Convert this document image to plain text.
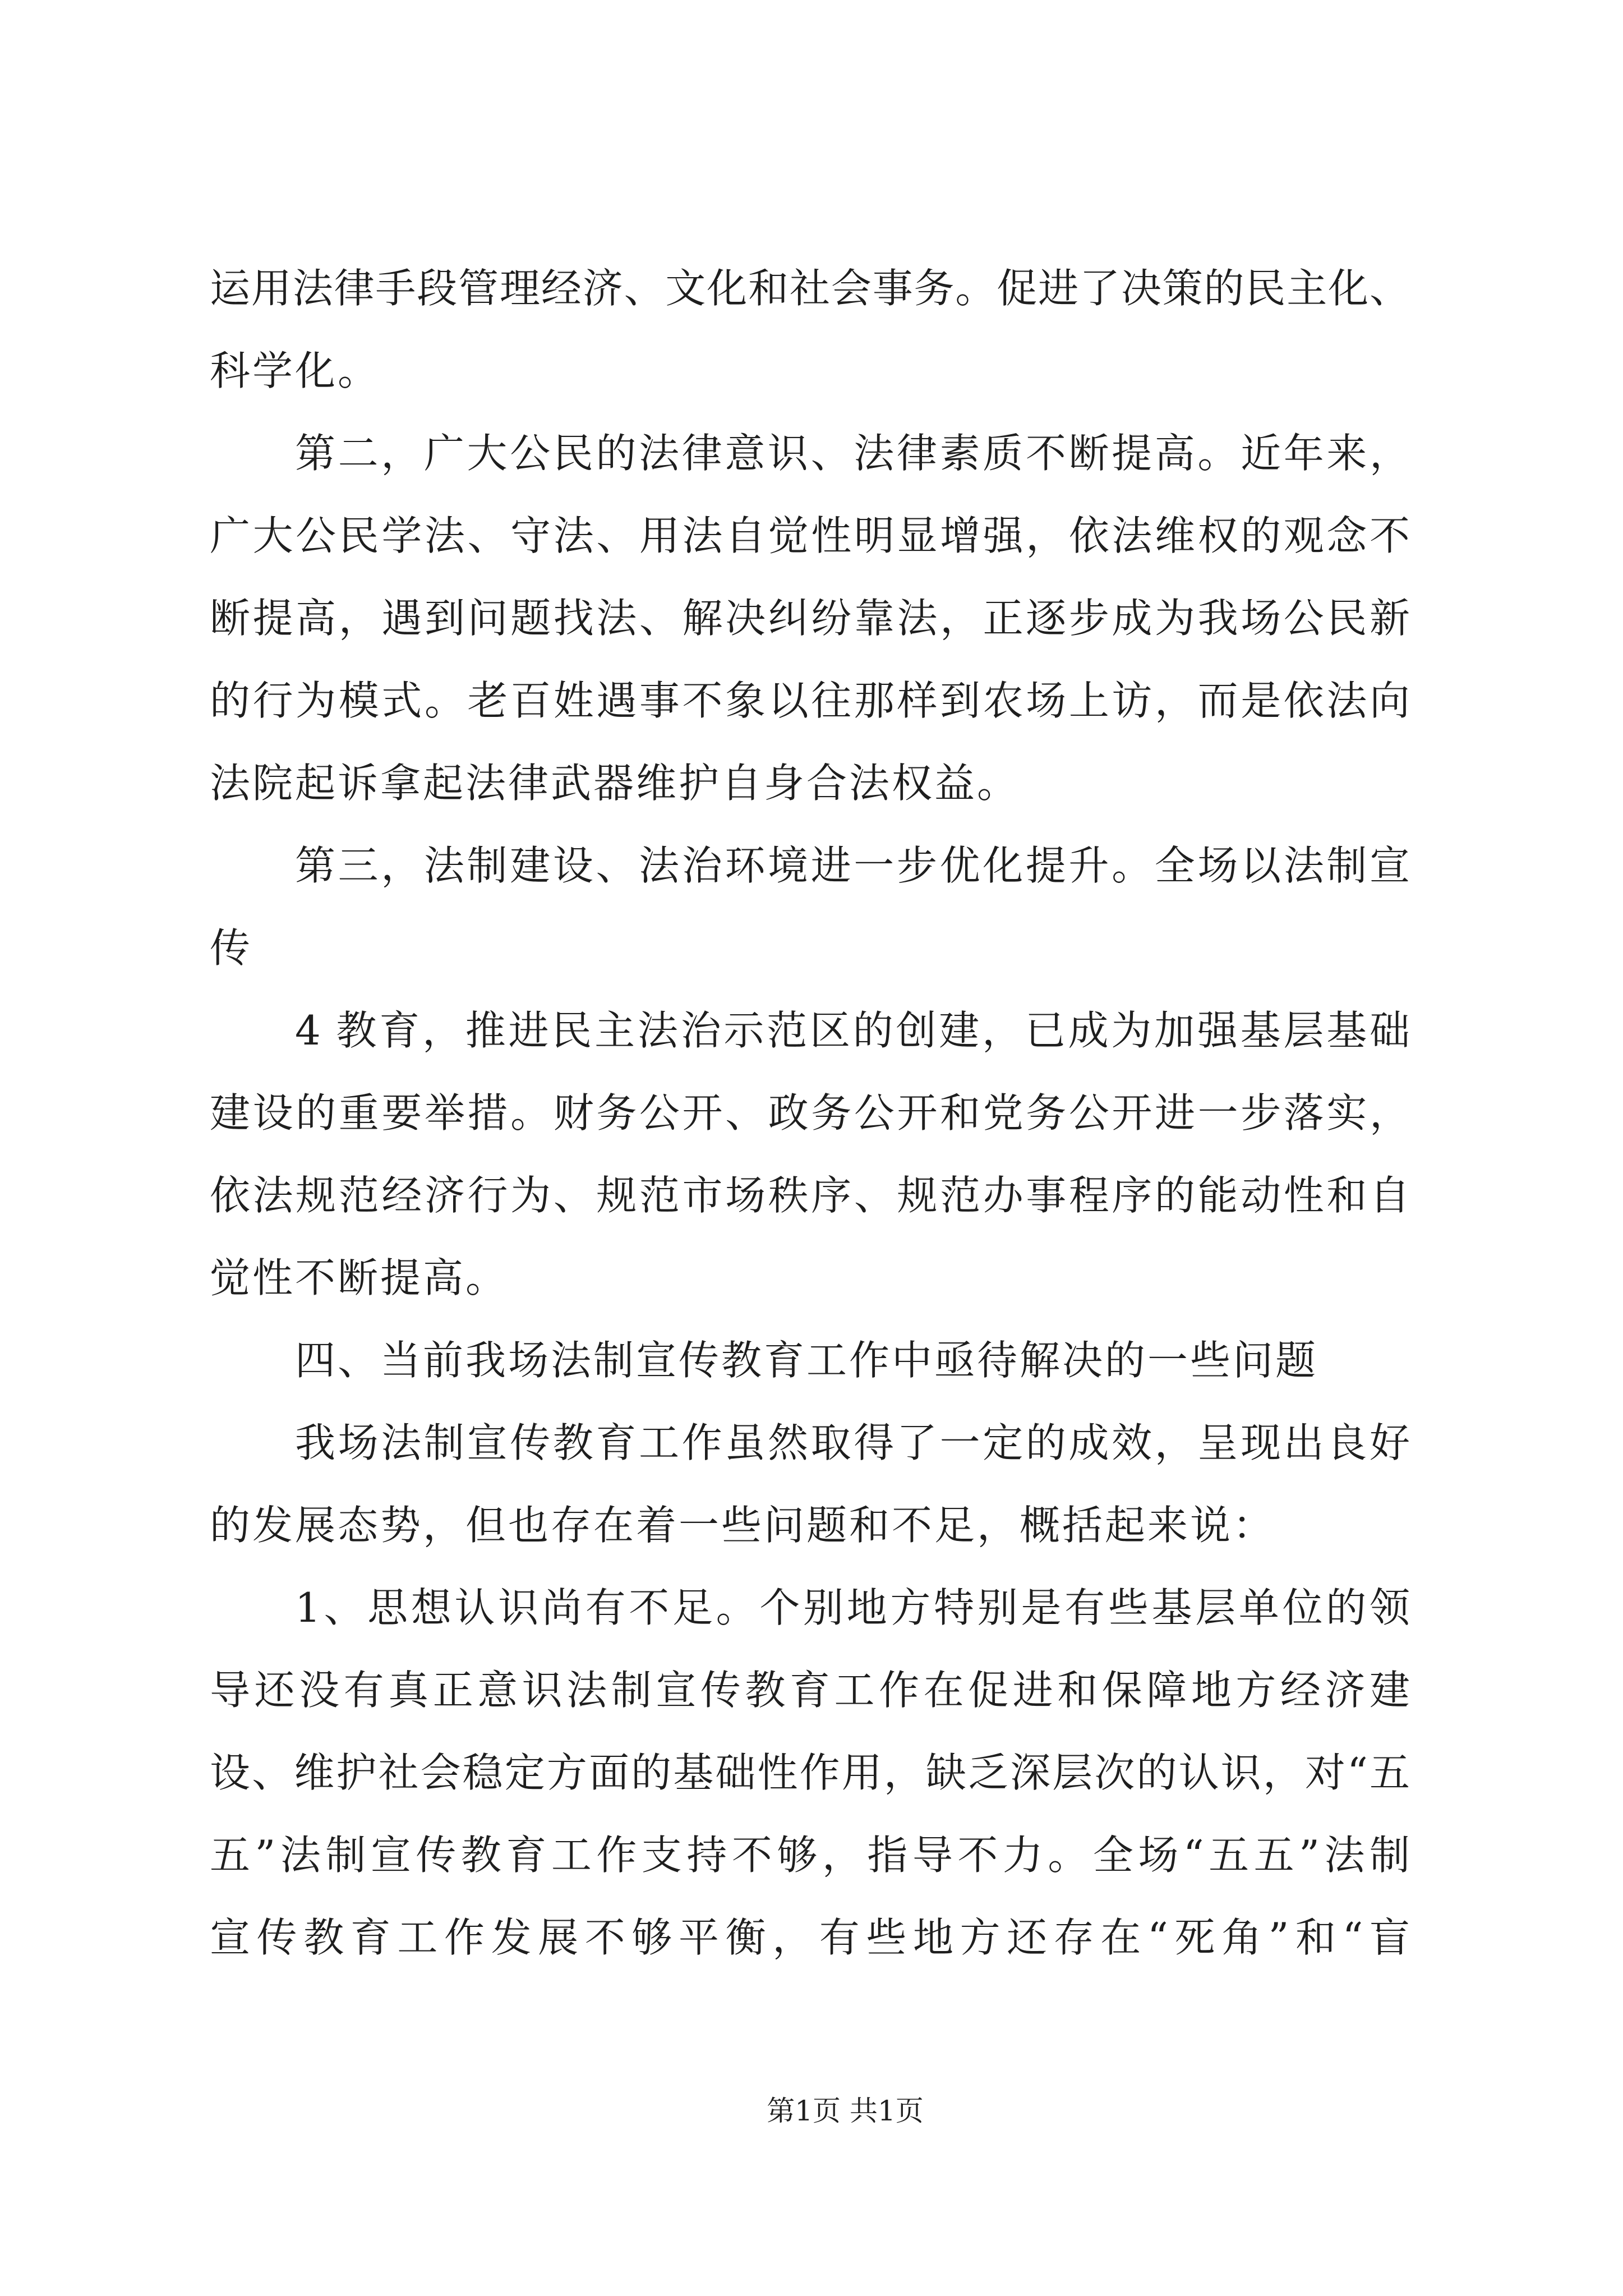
运用法律手段管理经济、文化和社会事务。促进了决策的民主化、
科学化。
第二，广大公民的法律意识、法律素质不断提高。近年来，
广大公民学法、守法、用法自觉性明显增强，依法维权的观念不
断提高，遇到问题找法、解决纠纷靠法，正逐步成为我场公民新
的行为模式。老百姓遇事不象以往那样到农场上访，而是依法向
法院起诉拿起法律武器维护自身合法权益。
第三，法制建设、法治环境进一步优化提升。全场以法制宣
传
4 教育，推进民主法治示范区的创建，已成为加强基层基础
建设的重要举措。财务公开、政务公开和党务公开进一步落实，
依法规范经济行为、规范市场秩序、规范办事程序的能动性和自
觉性不断提高。
四、当前我场法制宣传教育工作中亟待解决的一些问题
我场法制宣传教育工作虽然取得了一定的成效，呈现出良好
的发展态势，但也存在着一些问题和不足，概括起来说：
1、思想认识尚有不足。个别地方特别是有些基层单位的领
导还没有真正意识法制宣传教育工作在促进和保障地方经济建
设、维护社会稳定方面的基础性作用，缺乏深层次的认识，对“五
五”法制宣传教育工作支持不够，指导不力。全场“五五”法制
宣传教育工作发展不够平衡，有些地方还存在“死角”和“盲
第1页 共1页
